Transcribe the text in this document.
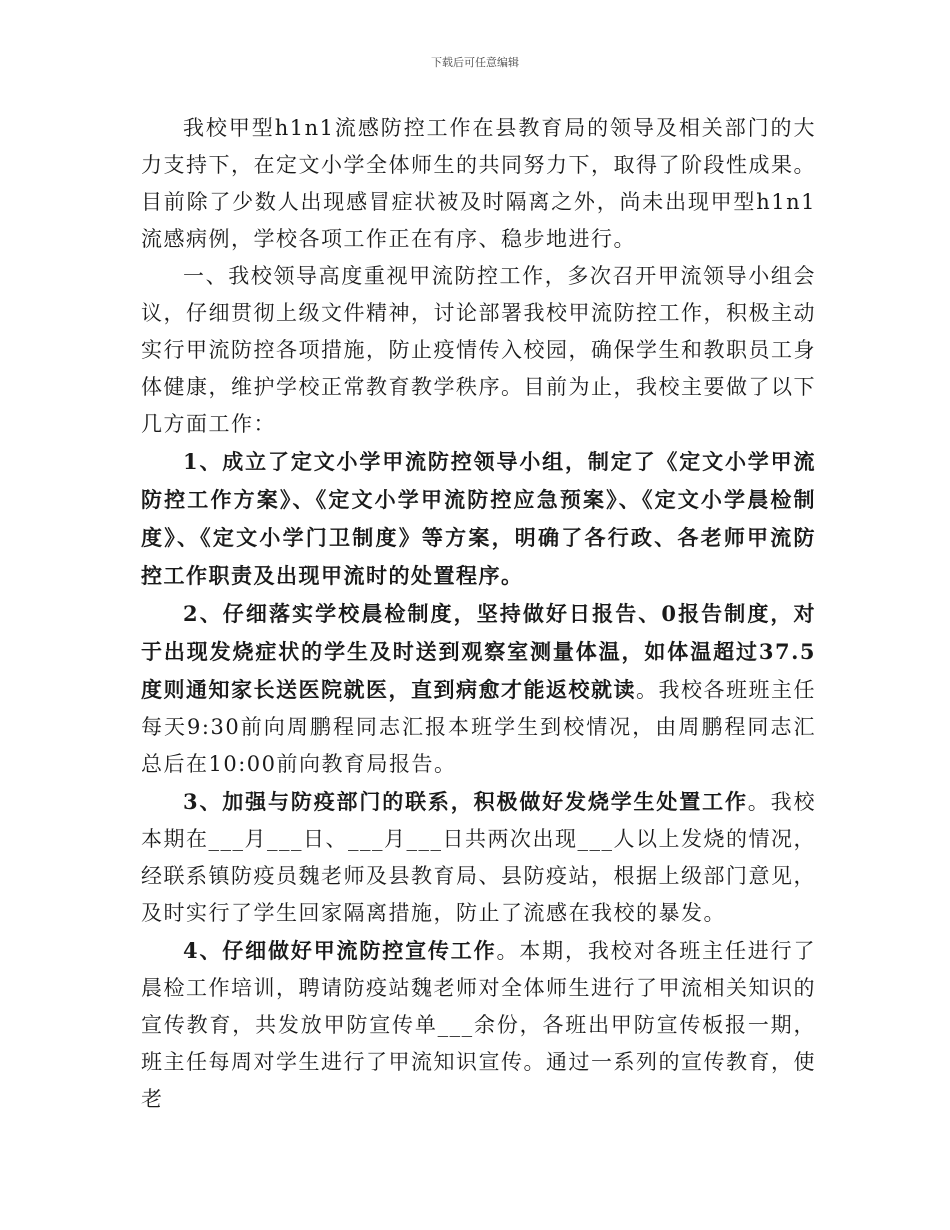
下载后可任意编辑

我校甲型h1n1流感防控工作在县教育局的领导及相关部门的大力支持下，在定文小学全体师生的共同努力下，取得了阶段性成果。目前除了少数人出现感冒症状被及时隔离之外，尚未出现甲型h1n1流感病例，学校各项工作正在有序、稳步地进行。

一、我校领导高度重视甲流防控工作，多次召开甲流领导小组会议，仔细贯彻上级文件精神，讨论部署我校甲流防控工作，积极主动实行甲流防控各项措施，防止疫情传入校园，确保学生和教职员工身体健康，维护学校正常教育教学秩序。目前为止，我校主要做了以下几方面工作：

1、成立了定文小学甲流防控领导小组，制定了《定文小学甲流防控工作方案》、《定文小学甲流防控应急预案》、《定文小学晨检制度》、《定文小学门卫制度》等方案，明确了各行政、各老师甲流防控工作职责及出现甲流时的处置程序。

2、仔细落实学校晨检制度，坚持做好日报告、0报告制度，对于出现发烧症状的学生及时送到观察室测量体温，如体温超过37.5度则通知家长送医院就医，直到病愈才能返校就读。我校各班班主任每天9:30前向周鹏程同志汇报本班学生到校情况，由周鹏程同志汇总后在10:00前向教育局报告。

3、加强与防疫部门的联系，积极做好发烧学生处置工作。我校本期在___月___日、___月___日共两次出现___人以上发烧的情况，经联系镇防疫员魏老师及县教育局、县防疫站，根据上级部门意见，及时实行了学生回家隔离措施，防止了流感在我校的暴发。

4、仔细做好甲流防控宣传工作。本期，我校对各班主任进行了晨检工作培训，聘请防疫站魏老师对全体师生进行了甲流相关知识的宣传教育，共发放甲防宣传单___余份，各班出甲防宣传板报一期，班主任每周对学生进行了甲流知识宣传。通过一系列的宣传教育，使老
